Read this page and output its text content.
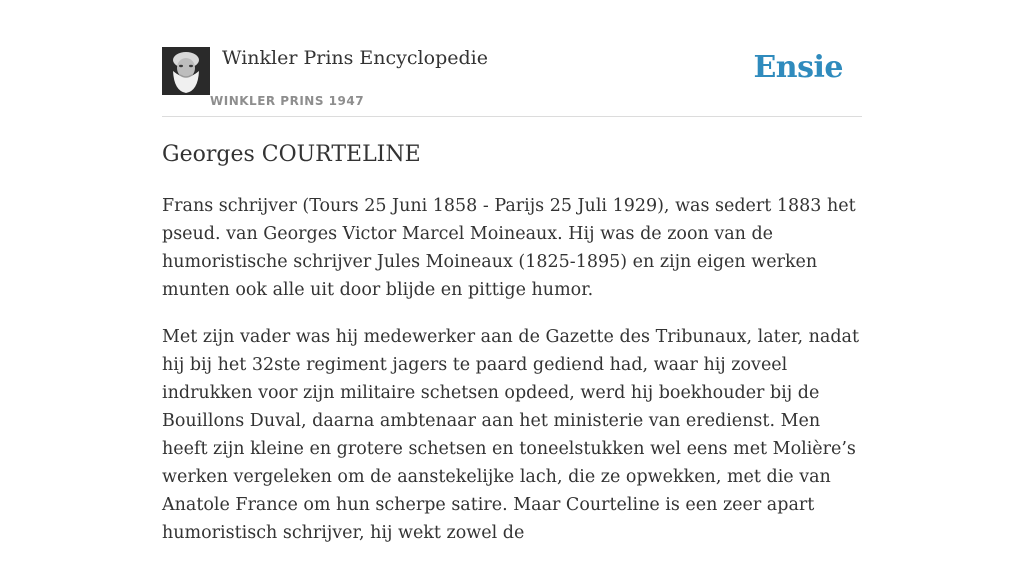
Winkler Prins Encyclopedie
WINKLER PRINS 1947
Ensie
Georges COURTELINE

Frans schrijver (Tours 25 Juni 1858 - Parijs 25 Juli 1929), was sedert 1883 het pseud. van Georges Victor Marcel Moineaux. Hij was de zoon van de humoristische schrijver Jules Moineaux (1825-1895) en zijn eigen werken munten ook alle uit door blijde en pittige humor.

Met zijn vader was hij medewerker aan de Gazette des Tribunaux, later, nadat hij bij het 32ste regiment jagers te paard gediend had, waar hij zoveel indrukken voor zijn militaire schetsen opdeed, werd hij boekhouder bij de Bouillons Duval, daarna ambtenaar aan het ministerie van eredienst. Men heeft zijn kleine en grotere schetsen en toneelstukken wel eens met Molière’s werken vergeleken om de aanstekelijke lach, die ze opwekken, met die van Anatole France om hun scherpe satire. Maar Courteline is een zeer apart humoristisch schrijver, hij wekt zowel de
